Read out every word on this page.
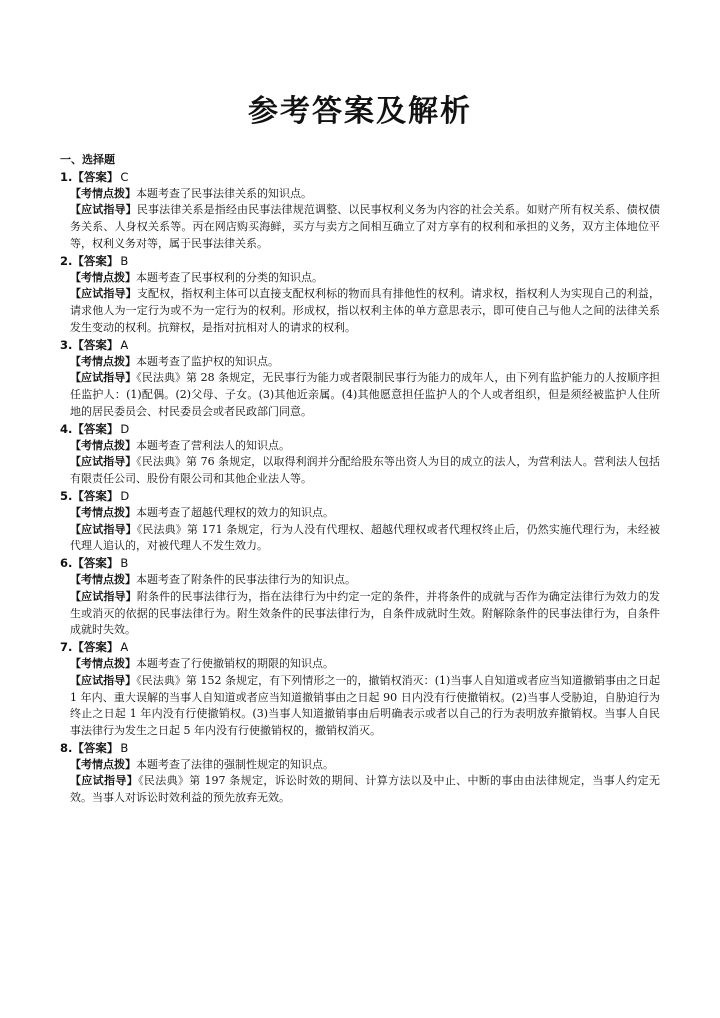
参考答案及解析
一、选择题
1.【答案】 C
【考情点拨】本题考查了民事法律关系的知识点。
【应试指导】民事法律关系是指经由民事法律规范调整、以民事权利义务为内容的社会关系。如财产所有权关系、债权债务关系、人身权关系等。丙在网店购买海鲜，买方与卖方之间相互确立了对方享有的权利和承担的义务，双方主体地位平等，权利义务对等，属于民事法律关系。
2.【答案】 B
【考情点拨】本题考查了民事权利的分类的知识点。
【应试指导】支配权，指权利主体可以直接支配权利标的物而具有排他性的权利。请求权，指权利人为实现自己的利益，请求他人为一定行为或不为一定行为的权利。形成权，指以权利主体的单方意思表示，即可使自己与他人之间的法律关系发生变动的权利。抗辩权，是指对抗相对人的请求的权利。
3.【答案】 A
【考情点拨】本题考查了监护权的知识点。
【应试指导】《民法典》第 28 条规定，无民事行为能力或者限制民事行为能力的成年人，由下列有监护能力的人按顺序担任监护人：(1)配偶。(2)父母、子女。(3)其他近亲属。(4)其他愿意担任监护人的个人或者组织，但是须经被监护人住所地的居民委员会、村民委员会或者民政部门同意。
4.【答案】 D
【考情点拨】本题考查了营利法人的知识点。
【应试指导】《民法典》第 76 条规定，以取得利润并分配给股东等出资人为目的成立的法人，为营利法人。营利法人包括有限责任公司、股份有限公司和其他企业法人等。
5.【答案】 D
【考情点拨】本题考查了超越代理权的效力的知识点。
【应试指导】《民法典》第 171 条规定，行为人没有代理权、超越代理权或者代理权终止后，仍然实施代理行为，未经被代理人追认的，对被代理人不发生效力。
6.【答案】 B
【考情点拨】本题考查了附条件的民事法律行为的知识点。
【应试指导】附条件的民事法律行为，指在法律行为中约定一定的条件，并将条件的成就与否作为确定法律行为效力的发生或消灭的依据的民事法律行为。附生效条件的民事法律行为，自条件成就时生效。附解除条件的民事法律行为，自条件成就时失效。
7.【答案】 A
【考情点拨】本题考查了行使撤销权的期限的知识点。
【应试指导】《民法典》第 152 条规定，有下列情形之一的，撤销权消灭：(1)当事人自知道或者应当知道撤销事由之日起 1 年内、重大误解的当事人自知道或者应当知道撤销事由之日起 90 日内没有行使撤销权。(2)当事人受胁迫，自胁迫行为终止之日起 1 年内没有行使撤销权。(3)当事人知道撤销事由后明确表示或者以自己的行为表明放弃撤销权。当事人自民事法律行为发生之日起 5 年内没有行使撤销权的，撤销权消灭。
8.【答案】 B
【考情点拨】本题考查了法律的强制性规定的知识点。
【应试指导】《民法典》第 197 条规定，诉讼时效的期间、计算方法以及中止、中断的事由由法律规定，当事人约定无效。当事人对诉讼时效利益的预先放弃无效。
